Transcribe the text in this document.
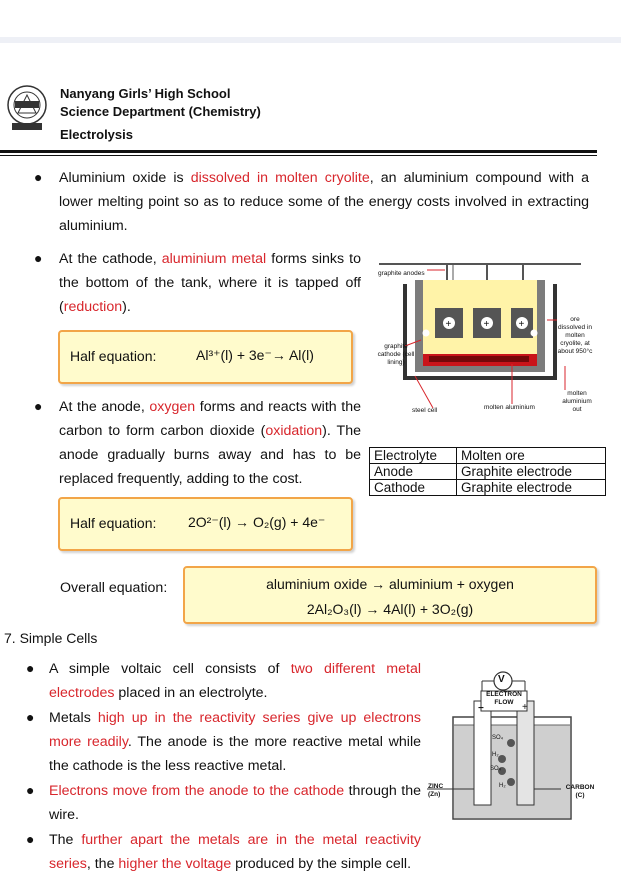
Nanyang Girls’ High School
Science Department (Chemistry)
Electrolysis
● Aluminium oxide is dissolved in molten cryolite, an aluminium compound with a lower melting point so as to reduce some of the energy costs involved in extracting aluminium.
● At the cathode, aluminium metal forms sinks to
the bottom of the tank, where it is tapped off
(reduction).
Half equation:	Al³⁺(l) + 3e⁻→ Al(l)
● At the anode, oxygen forms and reacts with the
carbon to form carbon dioxide (oxidation). The
anode gradually burns away and has to be
replaced frequently, adding to the cost.
Half equation: 2O²⁻(l) → O₂(g) + 4e⁻
Overall equation:	aluminium oxide → aluminium + oxygen
2Al₂O₃(l) → 4Al(l) + 3O₂(g)
+	+	+
graphite anodes
graphite cathode (cell lining)
ore dissolved in molten cryolite, at about 950°c
molten aluminium out
steel cell	molten aluminium
Electrolyte	Molten ore
Anode	Graphite electrode
Cathode	Graphite electrode
7. Simple Cells
● A simple voltaic cell consists of two different metal
electrodes placed in an electrolyte.
● Metals high up in the reactivity series give up electrons
more readily. The anode is the more reactive metal while
the cathode is the less reactive metal.
● Electrons move from the anode to the cathode through the
wire.
● The further apart the metals are in the metal reactivity
series, the higher the voltage produced by the simple cell.
V
ELECTRON FLOW
−	+
SO₄
H₂
SO₄
H₂
ZINC (Zn)
CARBON (C)
